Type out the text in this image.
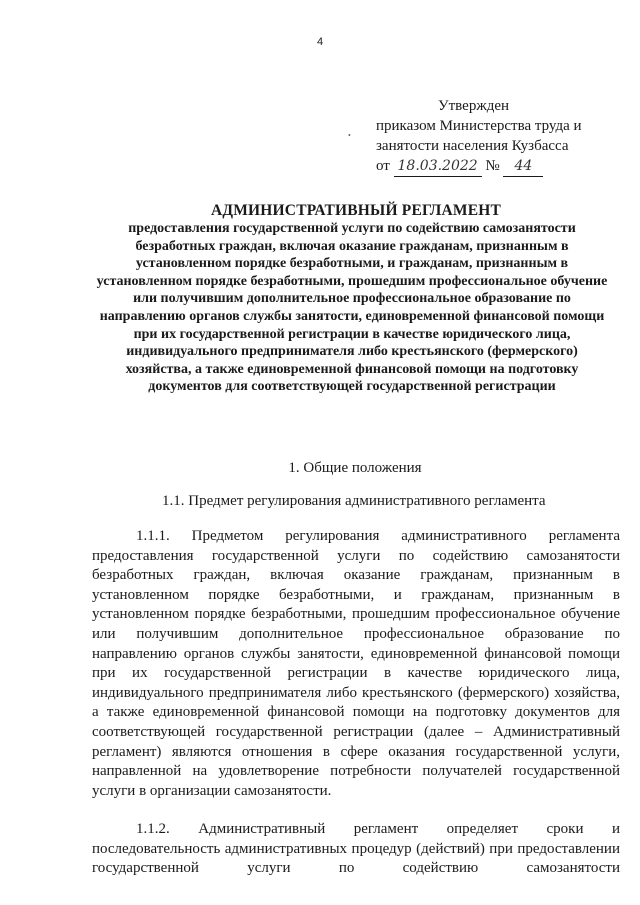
4
Утвержден
приказом Министерства труда и
занятости населения Кузбасса
от 18.03.2022 № 44
•
АДМИНИСТРАТИВНЫЙ РЕГЛАМЕНТ
предоставления государственной услуги по содействию самозанятости безработных граждан, включая оказание гражданам, признанным в установленном порядке безработными, и гражданам, признанным в установленном порядке безработными, прошедшим профессиональное обучение или получившим дополнительное профессиональное образование по направлению органов службы занятости, единовременной финансовой помощи при их государственной регистрации в качестве юридического лица, индивидуального предпринимателя либо крестьянского (фермерского) хозяйства, а также единовременной финансовой помощи на подготовку документов для соответствующей государственной регистрации
1. Общие положения
1.1. Предмет регулирования административного регламента
1.1.1. Предметом регулирования административного регламента предоставления государственной услуги по содействию самозанятости безработных граждан, включая оказание гражданам, признанным в установленном порядке безработными, и гражданам, признанным в установленном порядке безработными, прошедшим профессиональное обучение или получившим дополнительное профессиональное образование по направлению органов службы занятости, единовременной финансовой помощи при их государственной регистрации в качестве юридического лица, индивидуального предпринимателя либо крестьянского (фермерского) хозяйства, а также единовременной финансовой помощи на подготовку документов для соответствующей государственной регистрации (далее – Административный регламент) являются отношения в сфере оказания государственной услуги, направленной на удовлетворение потребности получателей государственной услуги в организации самозанятости.
1.1.2. Административный регламент определяет сроки и последовательность административных процедур (действий) при предоставлении государственной услуги по содействию самозанятости
